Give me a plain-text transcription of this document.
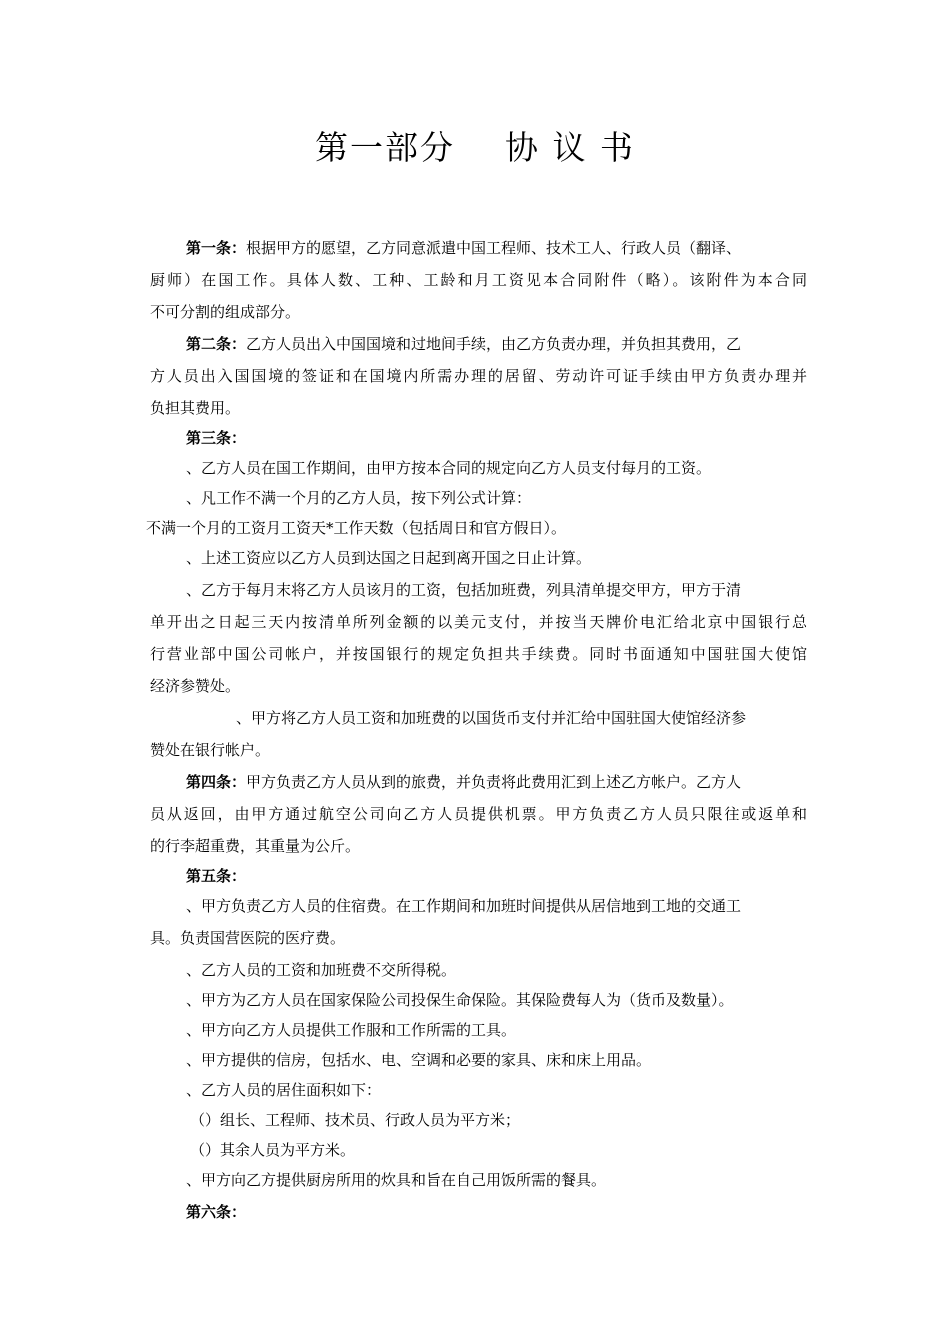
第一部分    协 议 书
第一条：根据甲方的愿望，乙方同意派遣中国工程师、技术工人、行政人员（翻译、
厨师）在国工作。具体人数、工种、工龄和月工资见本合同附件（略）。该附件为本合同
不可分割的组成部分。
第二条：乙方人员出入中国国境和过地间手续，由乙方负责办理，并负担其费用，乙
方人员出入国国境的签证和在国境内所需办理的居留、劳动许可证手续由甲方负责办理并
负担其费用。
第三条：
、乙方人员在国工作期间，由甲方按本合同的规定向乙方人员支付每月的工资。
、凡工作不满一个月的乙方人员，按下列公式计算：
不满一个月的工资月工资天*工作天数（包括周日和官方假日）。
、上述工资应以乙方人员到达国之日起到离开国之日止计算。
、乙方于每月末将乙方人员该月的工资，包括加班费，列具清单提交甲方，甲方于清
单开出之日起三天内按清单所列金额的以美元支付，并按当天牌价电汇给北京中国银行总
行营业部中国公司帐户，并按国银行的规定负担共手续费。同时书面通知中国驻国大使馆
经济参赞处。
、甲方将乙方人员工资和加班费的以国货币支付并汇给中国驻国大使馆经济参
赞处在银行帐户。
第四条：甲方负责乙方人员从到的旅费，并负责将此费用汇到上述乙方帐户。乙方人
员从返回，由甲方通过航空公司向乙方人员提供机票。甲方负责乙方人员只限往或返单和
的行李超重费，其重量为公斤。
第五条：
、甲方负责乙方人员的住宿费。在工作期间和加班时间提供从居信地到工地的交通工
具。负责国营医院的医疗费。
、乙方人员的工资和加班费不交所得税。
、甲方为乙方人员在国家保险公司投保生命保险。其保险费每人为（货币及数量）。
、甲方向乙方人员提供工作服和工作所需的工具。
、甲方提供的信房，包括水、电、空调和必要的家具、床和床上用品。
、乙方人员的居住面积如下：
（）组长、工程师、技术员、行政人员为平方米；
（）其余人员为平方米。
、甲方向乙方提供厨房所用的炊具和旨在自己用饭所需的餐具。
第六条：
